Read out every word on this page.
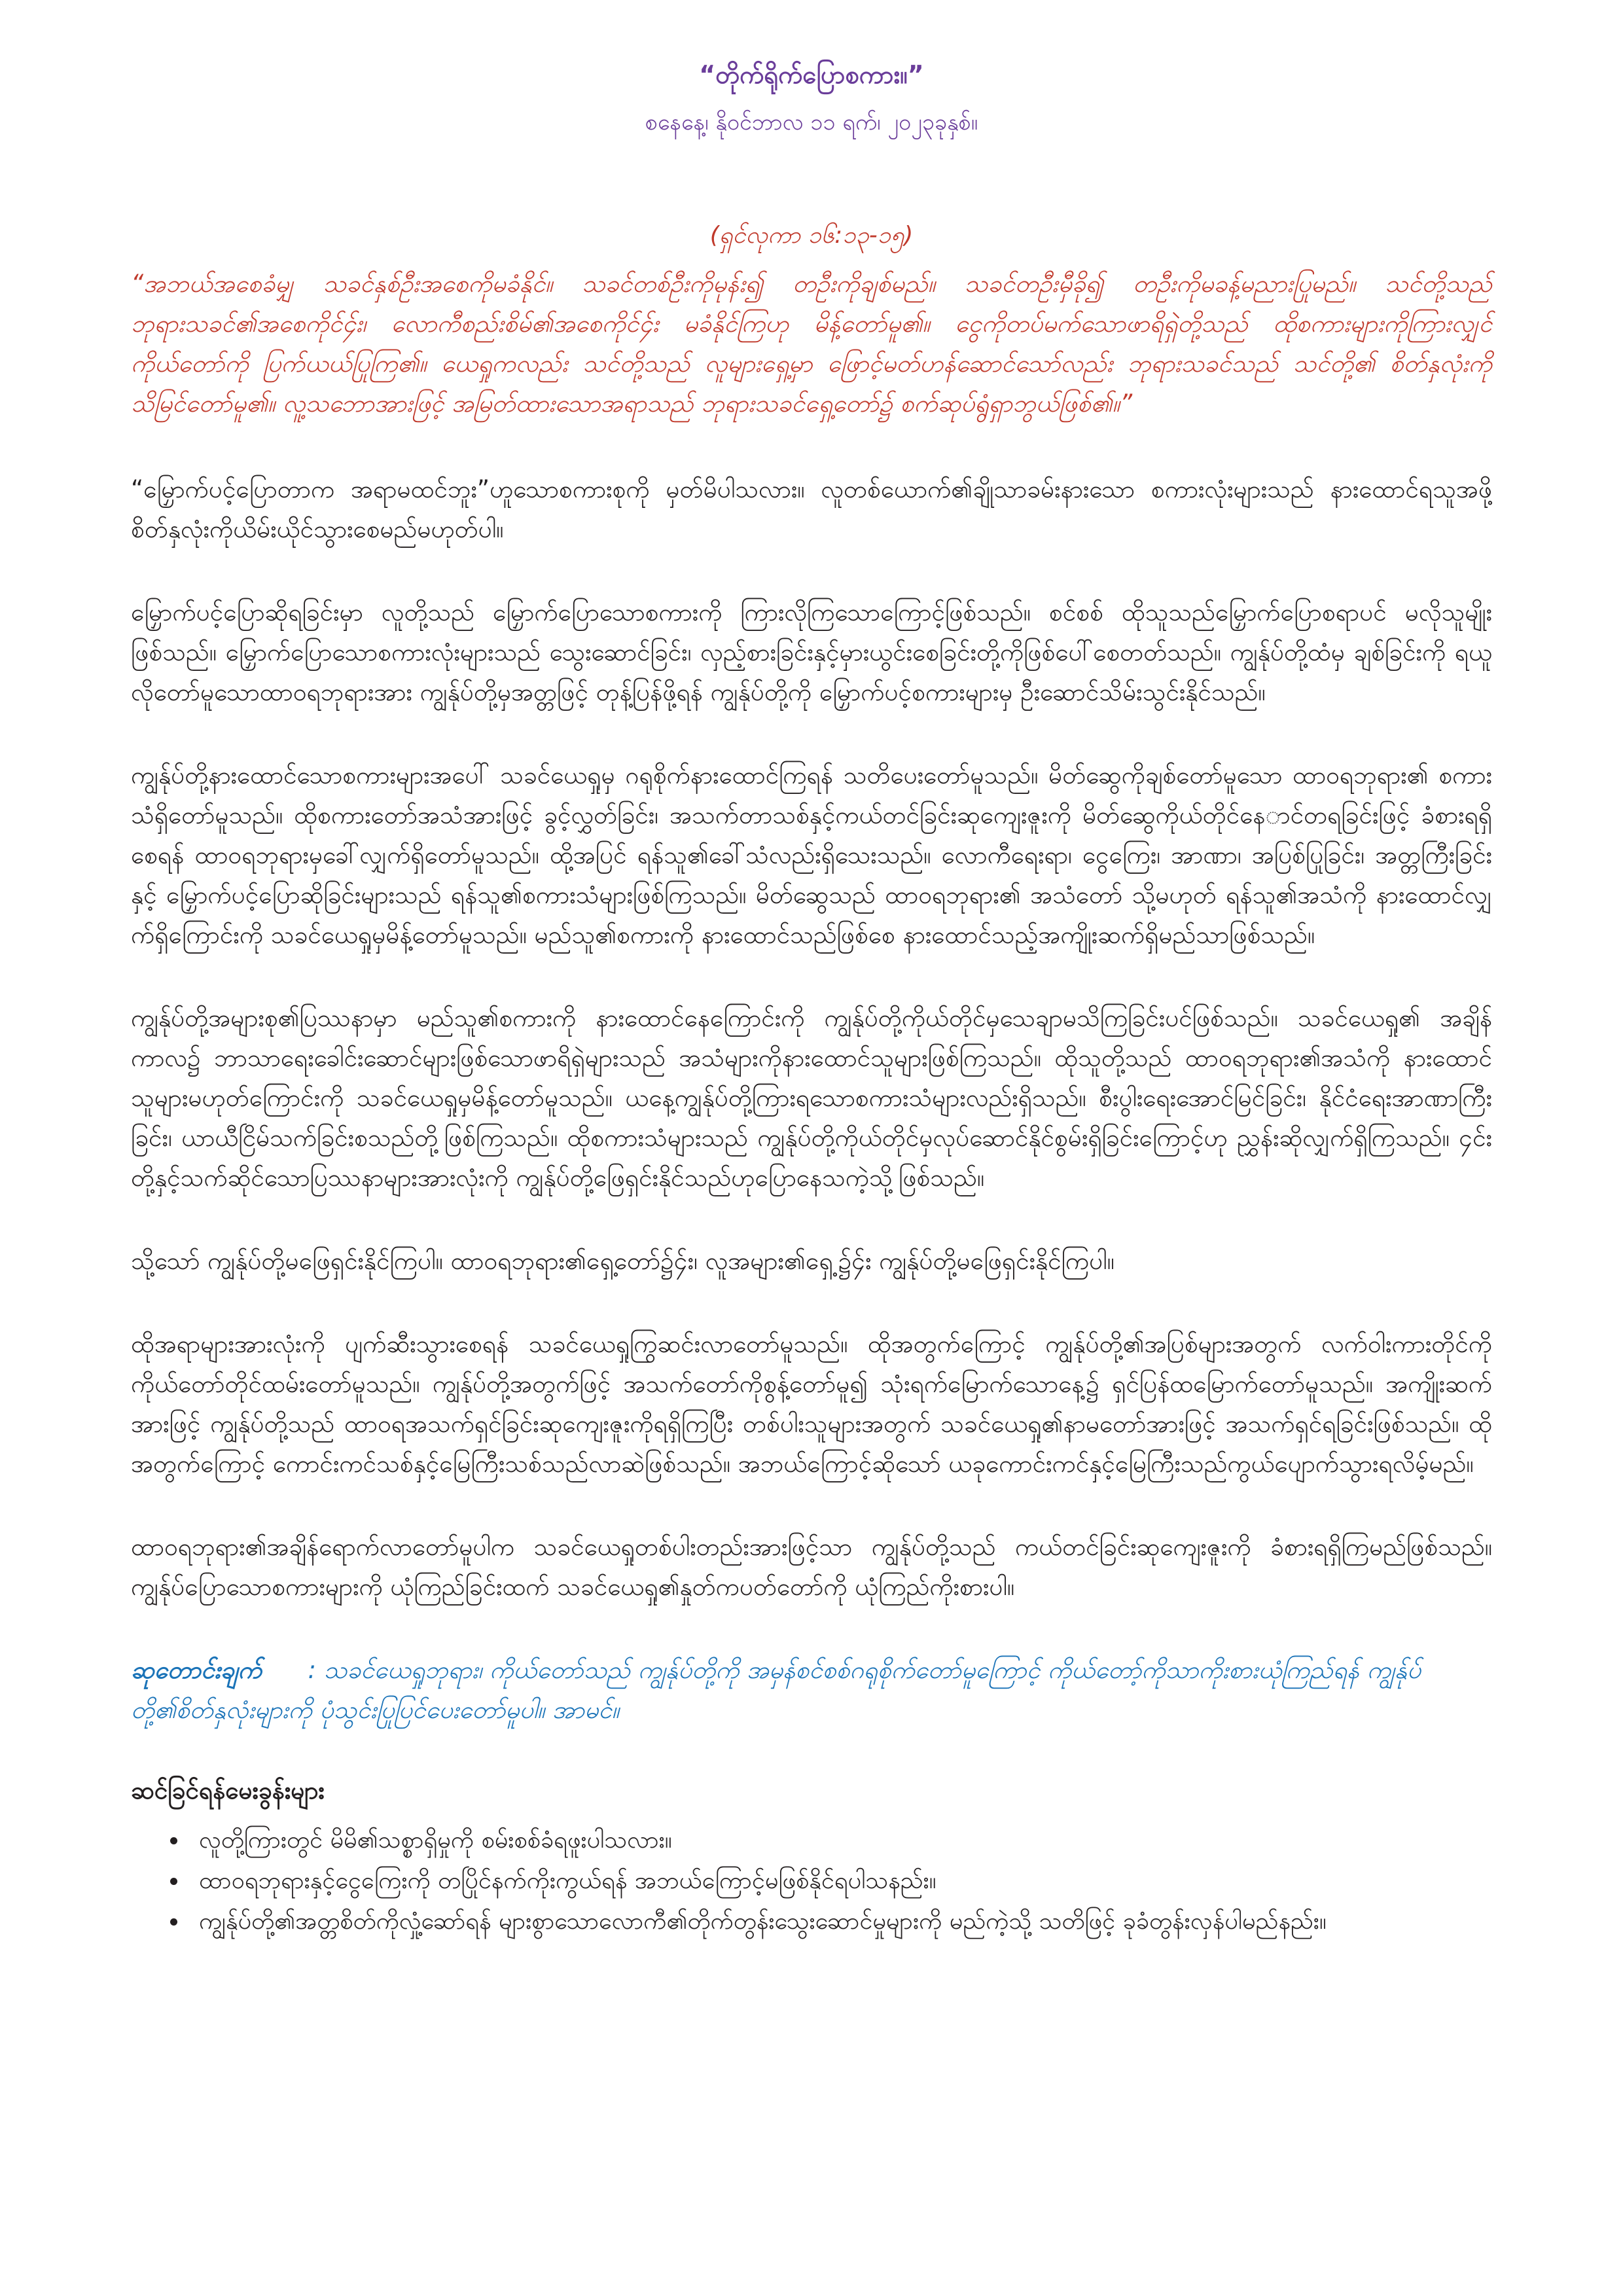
“တိုက်ရိုက်ပြောစကား။”
စနေနေ့၊ နိုဝင်ဘာလ ၁၁ ရက်၊ ၂၀၂၃ခုနှစ်။
(ရှင်လုကာ ၁၆:၁၃-၁၅)
“အဘယ်အစေခံမျှ သခင်နှစ်ဦးအစေကိုမခံနိုင်။ သခင်တစ်ဦးကိုမုန်း၍ တဦးကိုချစ်မည်။ သခင်တဦးမှီခို၍ တဦးကိုမခန့်မညားပြုမည်။ သင်တို့သည် ဘုရားသခင်၏အစေကိုင်၄်း၊ လောကီစည်းစိမ်၏အစေကိုင်၄်း မခံနိုင်ကြဟု မိန့်တော်မူ၏။ ငွေကိုတပ်မက်သောဖာရိရှဲတို့သည် ထိုစကားများကိုကြားလျှင် ကိုယ်တော်ကို ပြက်ယယ်ပြုကြ၏။ ယေရှုကလည်း သင်တို့သည် လူများရှေ့မှာ ဖြောင့်မတ်ဟန်ဆောင်သော်လည်း ဘုရားသခင်သည် သင်တို့၏ စိတ်နှလုံးကို သိမြင်တော်မူ၏။ လူ့သဘောအားဖြင့် အမြတ်ထားသောအရာသည် ဘုရားသခင်ရှေ့တော်၌ စက်ဆုပ်ရွံရှာဘွယ်ဖြစ်၏။”

“မြှောက်ပင့်ပြောတာက အရာမထင်ဘူး”ဟူသောစကားစုကို မှတ်မိပါသလား။ လူတစ်ယောက်၏ချိုသာခမ်းနားသော စကားလုံးများသည် နားထောင်ရသူအဖို့ စိတ်နှလုံးကိုယိမ်းယိုင်သွားစေမည်မဟုတ်ပါ။

မြှောက်ပင့်ပြောဆိုရခြင်းမှာ လူတို့သည် မြှောက်ပြောသောစကားကို ကြားလိုကြသောကြောင့်ဖြစ်သည်။ စင်စစ် ထိုသူသည်မြှောက်ပြောစရာပင် မလိုသူမျိုးဖြစ်သည်။ မြှောက်ပြောသောစကားလုံးများသည် သွေးဆောင်ခြင်း၊ လှည့်စားခြင်းနှင့်မှားယွင်းစေခြင်းတို့ကိုဖြစ်ပေါ်စေတတ်သည်။ ကျွန်ုပ်တို့ထံမှ ချစ်ခြင်းကို ရယူလိုတော်မူသောထာဝရဘုရားအား ကျွန်ုပ်တို့မှအတ္တဖြင့် တုန့်ပြန်ဖို့ရန် ကျွန်ုပ်တို့ကို မြှောက်ပင့်စကားများမှ ဦးဆောင်သိမ်းသွင်းနိုင်သည်။

ကျွန်ုပ်တို့နားထောင်သောစကားများအပေါ် သခင်ယေရှုမှ ဂရုစိုက်နားထောင်ကြရန် သတိပေးတော်မူသည်။ မိတ်ဆွေကိုချစ်တော်မူသော ထာဝရဘုရား၏ စကားသံရှိတော်မူသည်။ ထိုစကားတော်အသံအားဖြင့် ခွင့်လွှတ်ခြင်း၊ အသက်တာသစ်နှင့်ကယ်တင်ခြင်းဆုကျေးဇူးကို မိတ်ဆွေကိုယ်တိုင်နေ‌ာင်တရခြင်းဖြင့် ခံစားရရှိစေရန် ထာဝရဘုရားမှခေါ်လျှက်ရှိတော်မူသည်။ ထို့အပြင် ရန်သူ၏ခေါ်သံလည်းရှိသေးသည်။ လောကီရေးရာ၊ ငွေကြေး၊ အာဏာ၊ အပြစ်ပြုခြင်း၊ အတ္တကြီးခြင်းနှင့် မြှောက်ပင့်ပြောဆိုခြင်းများသည် ရန်သူ၏စကားသံများဖြစ်ကြသည်။ မိတ်ဆွေသည် ထာဝရဘုရား၏ အသံတော် သို့မဟုတ် ရန်သူ၏အသံကို နားထောင်လျှက်ရှိကြောင်းကို သခင်ယေရှုမှမိန့်တော်မူသည်။ မည်သူ၏စကားကို နားထောင်သည်ဖြစ်စေ နားထောင်သည့်အကျိုးဆက်ရှိမည်သာဖြစ်သည်။

ကျွန်ုပ်တို့အများစု၏ပြဿနာမှာ မည်သူ၏စကားကို နားထောင်နေကြောင်းကို ကျွန်ုပ်တို့ကိုယ်တိုင်မှသေချာမသိကြခြင်းပင်ဖြစ်သည်။ သခင်ယေရှု၏ အချိန်ကာလ၌ ဘာသာရေးခေါင်းဆောင်များဖြစ်သောဖာရိရှဲများသည် အသံများကိုနားထောင်သူများဖြစ်ကြသည်။ ထိုသူတို့သည် ထာဝရဘုရား၏အသံကို နားထောင်သူများမဟုတ်ကြောင်းကို သခင်ယေရှုမှမိန့်တော်မူသည်။ ယနေ့ကျွန်ုပ်တို့ကြားရသောစကားသံများလည်းရှိသည်။ စီးပွါးရေးအောင်မြင်ခြင်း၊ နိုင်ငံရေးအာဏာကြီးခြင်း၊ ယာယီငြိမ်သက်ခြင်းစသည်တို့ဖြစ်ကြသည်။ ထိုစကားသံများသည် ကျွန်ုပ်တို့ကိုယ်တိုင်မှလုပ်ဆောင်နိုင်စွမ်းရှိခြင်းကြောင့်ဟု ညွှန်းဆိုလျှက်ရှိကြသည်။ ၄င်းတို့နှင့်သက်ဆိုင်သောပြဿနာများအားလုံးကို ကျွန်ုပ်တို့ဖြေရှင်းနိုင်သည်ဟုပြောနေသကဲ့သို့ဖြစ်သည်။

သို့သော် ကျွန်ုပ်တို့မဖြေရှင်းနိုင်ကြပါ။ ထာဝရဘုရား၏ရှေ့တော်၌၄်း၊ လူအများ၏ရှေ့၌၄်း ကျွန်ုပ်တို့မဖြေရှင်းနိုင်ကြပါ။

ထိုအရာများအားလုံးကို ပျက်ဆီးသွားစေရန် သခင်ယေရှုကြွဆင်းလာတော်မူသည်။ ထိုအတွက်ကြောင့် ကျွန်ုပ်တို့၏အပြစ်များအတွက် လက်ဝါးကားတိုင်ကို ကိုယ်တော်တိုင်ထမ်းတော်မူသည်။ ကျွန်ုပ်တို့အတွက်ဖြင့် အသက်တော်ကိုစွန့်တော်မူ၍ သုံးရက်မြောက်သောနေ့၌ ရှင်ပြန်ထမြောက်တော်မူသည်။ အကျိုးဆက်အားဖြင့် ကျွန်ုပ်တို့သည် ထာဝရအသက်ရှင်ခြင်းဆုကျေးဇူးကိုရရှိကြပြီး တစ်ပါးသူများအတွက် သခင်ယေရှု၏နာမတော်အားဖြင့် အသက်ရှင်ရခြင်းဖြစ်သည်။ ထိုအတွက်ကြောင့် ကောင်းကင်သစ်နှင့်မြေကြီးသစ်သည်လာဆဲဖြစ်သည်။ အဘယ်ကြောင့်ဆိုသော် ယခုကောင်းကင်နှင့်မြေကြီးသည်ကွယ်ပျောက်သွားရလိမ့်မည်။

ထာဝရဘုရား၏အချိန်ရောက်လာတော်မူပါက သခင်ယေရှုတစ်ပါးတည်းအားဖြင့်သာ ကျွန်ုပ်တို့သည် ကယ်တင်ခြင်းဆုကျေးဇူးကို ခံစားရရှိကြမည်ဖြစ်သည်။ ကျွန်ုပ်ပြောသောစကားများကို ယုံကြည်ခြင်းထက် သခင်ယေရှု၏နှုတ်ကပတ်တော်ကို ယုံကြည်ကိုးစားပါ။

ဆုတောင်းချက် : သခင်ယေရှုဘုရား၊ ကိုယ်တော်သည် ကျွန်ုပ်တို့ကို အမှန်စင်စစ်ဂရုစိုက်တော်မူကြောင့် ကိုယ်တော့်ကိုသာကိုးစားယုံကြည်ရန် ကျွန်ုပ်တို့၏စိတ်နှလုံးများကို ပုံသွင်းပြုပြင်ပေးတော်မူပါ။ အာမင်။
ဆင်ခြင်ရန်မေးခွန်းများ
• လူတို့ကြားတွင် မိမိ၏သစ္စာရှိမှုကို စမ်းစစ်ခံရဖူးပါသလား။
• ထာဝရဘုရားနှင့်ငွေကြေးကို တပြိုင်နက်ကိုးကွယ်ရန် အဘယ်ကြောင့်မဖြစ်နိုင်ရပါသနည်း။
• ကျွန်ုပ်တို့၏အတ္တစိတ်ကိုလှုံ့ဆော်ရန် များစွာသောလောကီ၏တိုက်တွန်းသွေးဆောင်မှုများကို မည်ကဲ့သို့ သတိဖြင့် ခုခံတွန်းလှန်ပါမည်နည်း။
